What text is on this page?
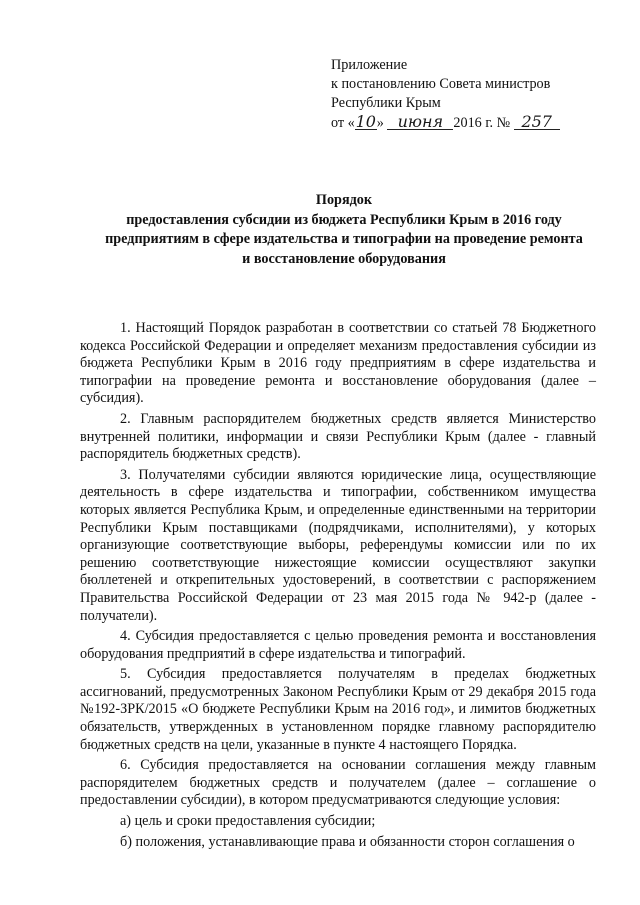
Приложение
к постановлению Совета министров
Республики Крым
от «10» июня 2016 г. № 257
Порядок
предоставления субсидии из бюджета Республики Крым в 2016 году
предприятиям в сфере издательства и типографии на проведение ремонта
и восстановление оборудования

1. Настоящий Порядок разработан в соответствии со статьей 78 Бюджетного кодекса Российской Федерации и определяет механизм предоставления субсидии из бюджета Республики Крым в 2016 году предприятиям в сфере издательства и типографии на проведение ремонта и восстановление оборудования (далее – субсидия).

2. Главным распорядителем бюджетных средств является Министерство внутренней политики, информации и связи Республики Крым (далее - главный распорядитель бюджетных средств).

3. Получателями субсидии являются юридические лица, осуществляющие деятельность в сфере издательства и типографии, собственником имущества которых является Республика Крым, и определенные единственными на территории Республики Крым поставщиками (подрядчиками, исполнителями), у которых организующие соответствующие выборы, референдумы комиссии или по их решению соответствующие нижестоящие комиссии осуществляют закупки бюллетеней и открепительных удостоверений, в соответствии с распоряжением Правительства Российской Федерации от 23 мая 2015 года № 942-р (далее - получатели).

4. Субсидия предоставляется с целью проведения ремонта и восстановления оборудования предприятий в сфере издательства и типографий.

5. Субсидия предоставляется получателям в пределах бюджетных ассигнований, предусмотренных Законом Республики Крым от 29 декабря 2015 года №192-ЗРК/2015 «О бюджете Республики Крым на 2016 год», и лимитов бюджетных обязательств, утвержденных в установленном порядке главному распорядителю бюджетных средств на цели, указанные в пункте 4 настоящего Порядка.

6. Субсидия предоставляется на основании соглашения между главным распорядителем бюджетных средств и получателем (далее – соглашение о предоставлении субсидии), в котором предусматриваются следующие условия:

а) цель и сроки предоставления субсидии;

б) положения, устанавливающие права и обязанности сторон соглашения о
